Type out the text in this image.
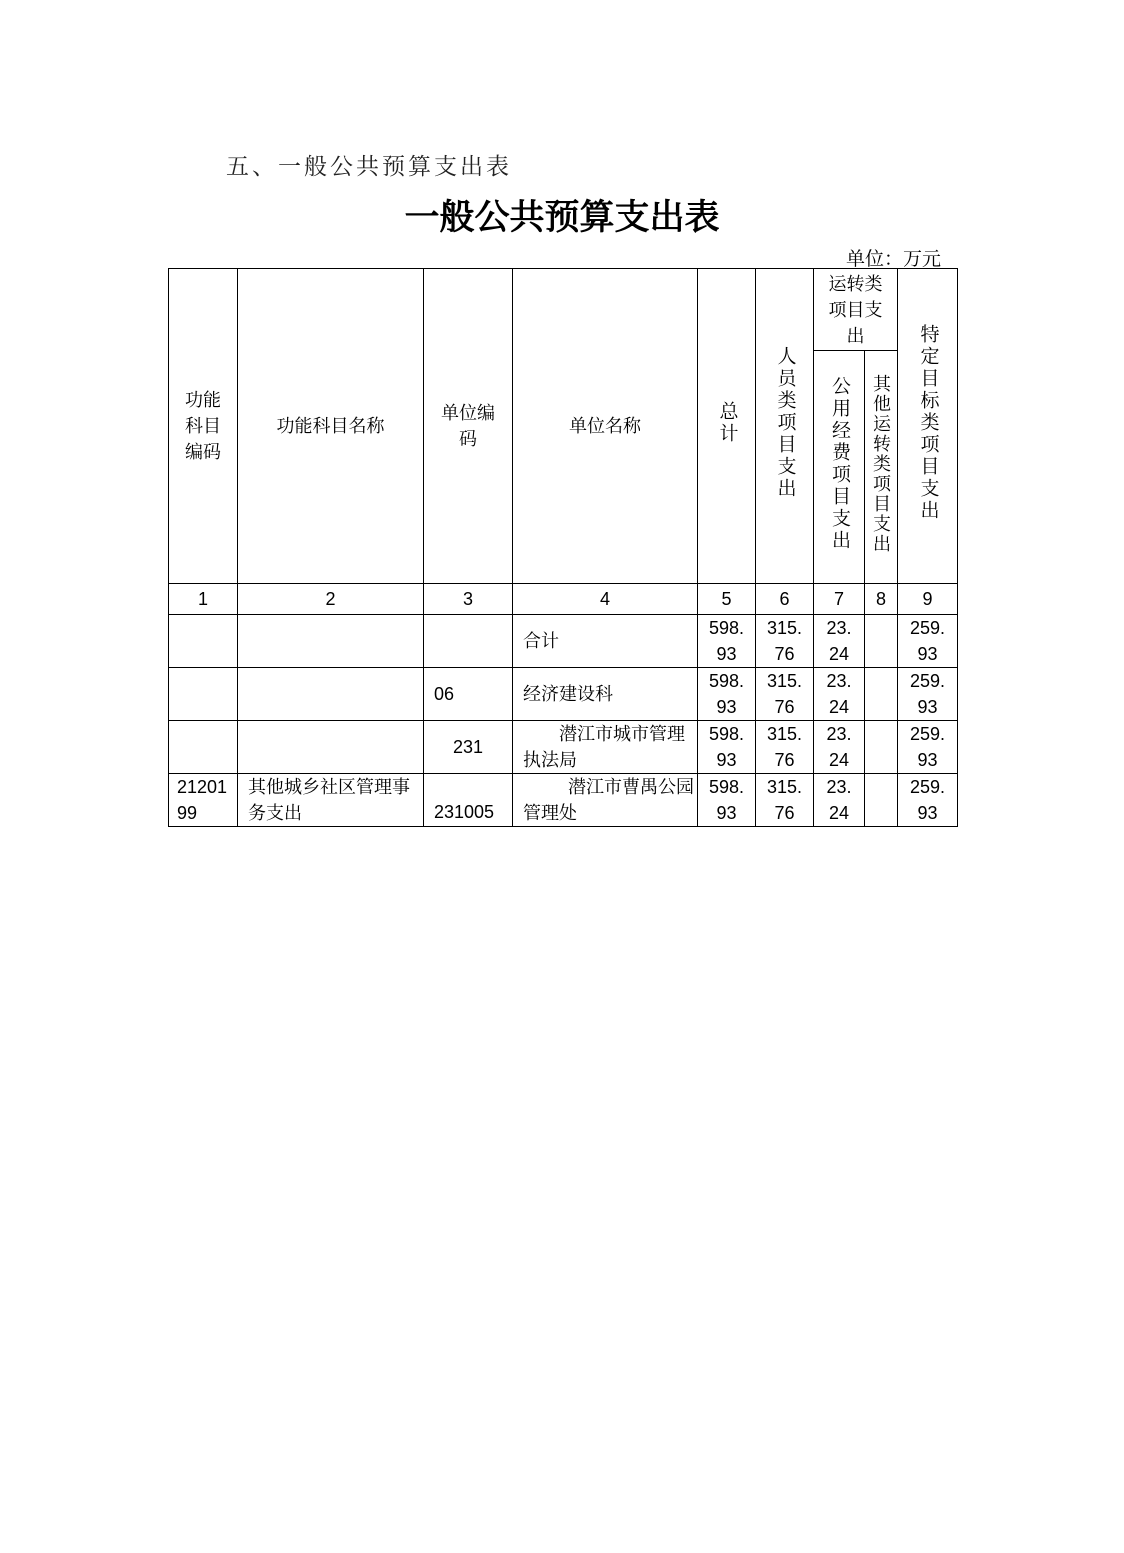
五、一般公共预算支出表
一般公共预算支出表
单位：万元
功能科目编码	功能科目名称	单位编码	单位名称	总计	人员类项目支出	运转类项目支出		特定目标类项目支出
						公用经费项目支出	其他运转类项目支出	
1	2	3	4	5	6	7	8	9
			合计	598.93	315.76	23.24		259.93
		06	经济建设科	598.93	315.76	23.24		259.93
		231	潜江市城市管理执法局	598.93	315.76	23.24		259.93
2120199	其他城乡社区管理事务支出	231005	潜江市曹禺公园管理处	598.93	315.76	23.24		259.93
